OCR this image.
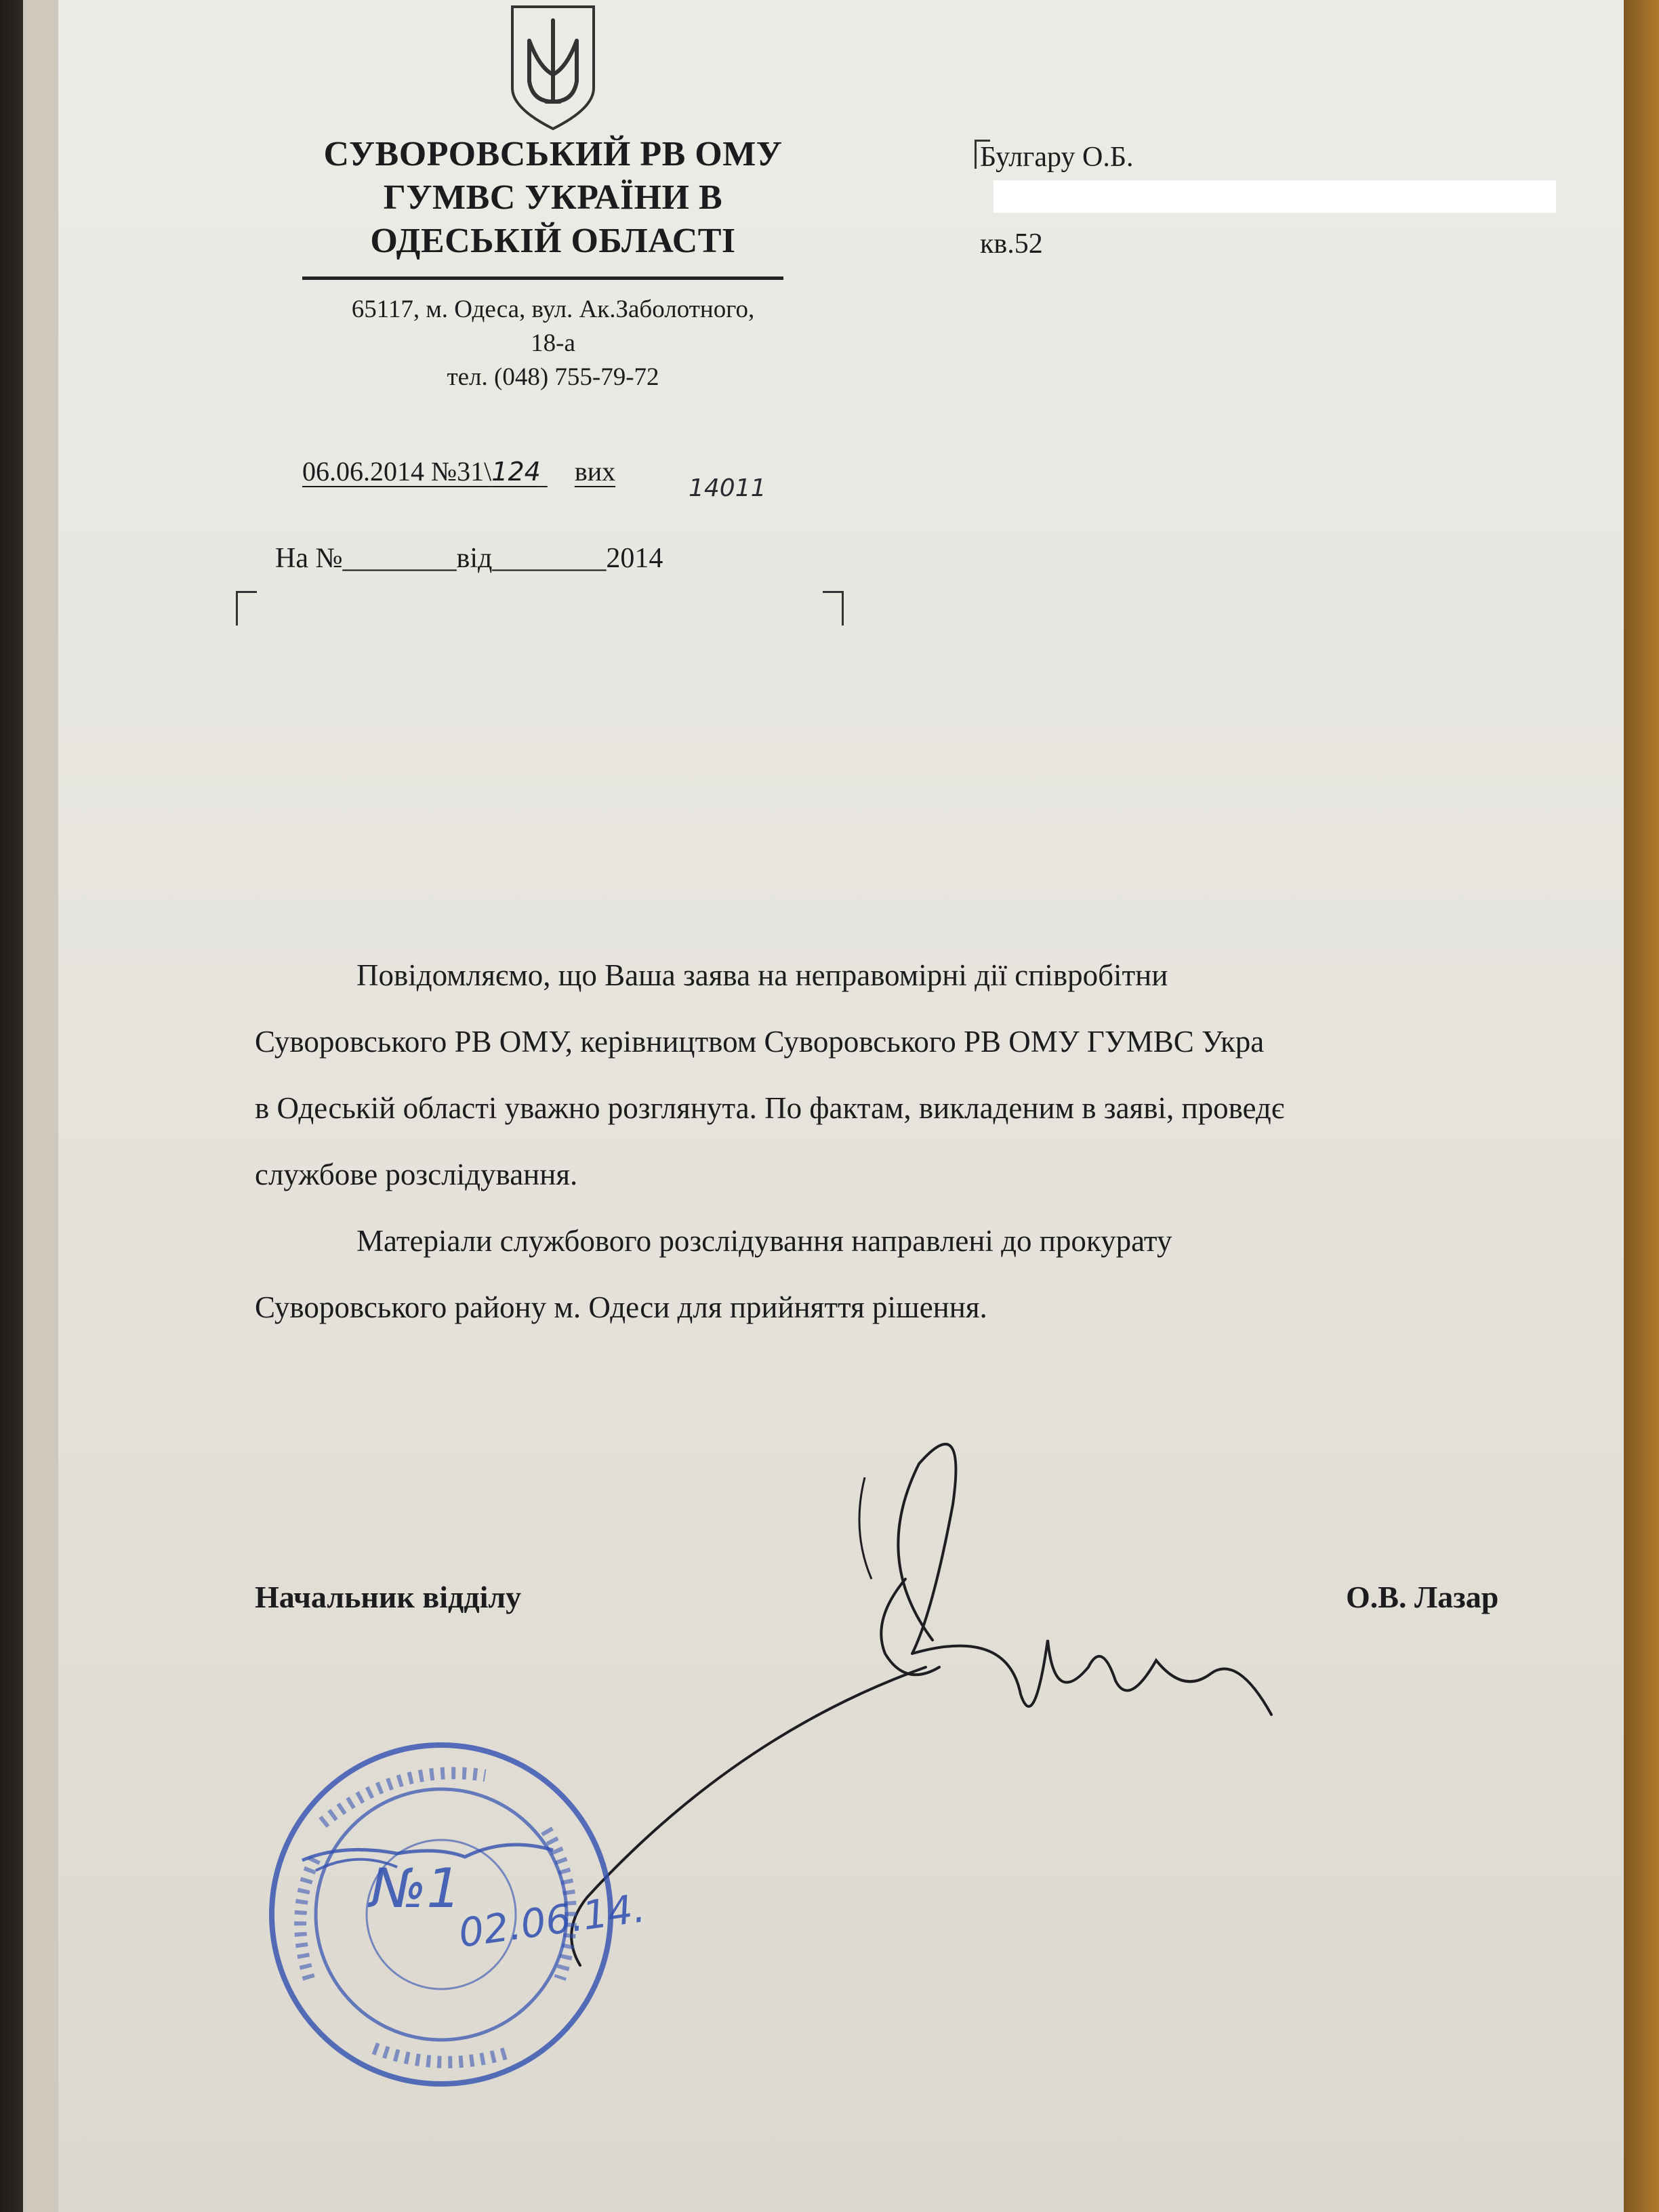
СУВОРОВСЬКИЙ РВ ОМУ
ГУМВС УКРАЇНИ В
ОДЕСЬКІЙ ОБЛАСТІ
65117, м. Одеса, вул. Ак.Заболотного,
18-а
тел. (048) 755-79-72
06.06.2014 №31\124 вих
14011
На №________від________2014
Булгару О.Б.
кв.52

Повідомляємо, що Ваша заява на неправомірні дії співробітни

Суворовського РВ ОМУ, керівництвом Суворовського РВ ОМУ ГУМВС Укра

в Одеській області уважно розглянута. По фактам, викладеним в заяві, проведє

службове розслідування.

Матеріали службового розслідування направлені до прокурату

Суворовського району м. Одеси для прийняття рішення.

Начальник відділу	О.В. Лазар
№1
02.06.14.
